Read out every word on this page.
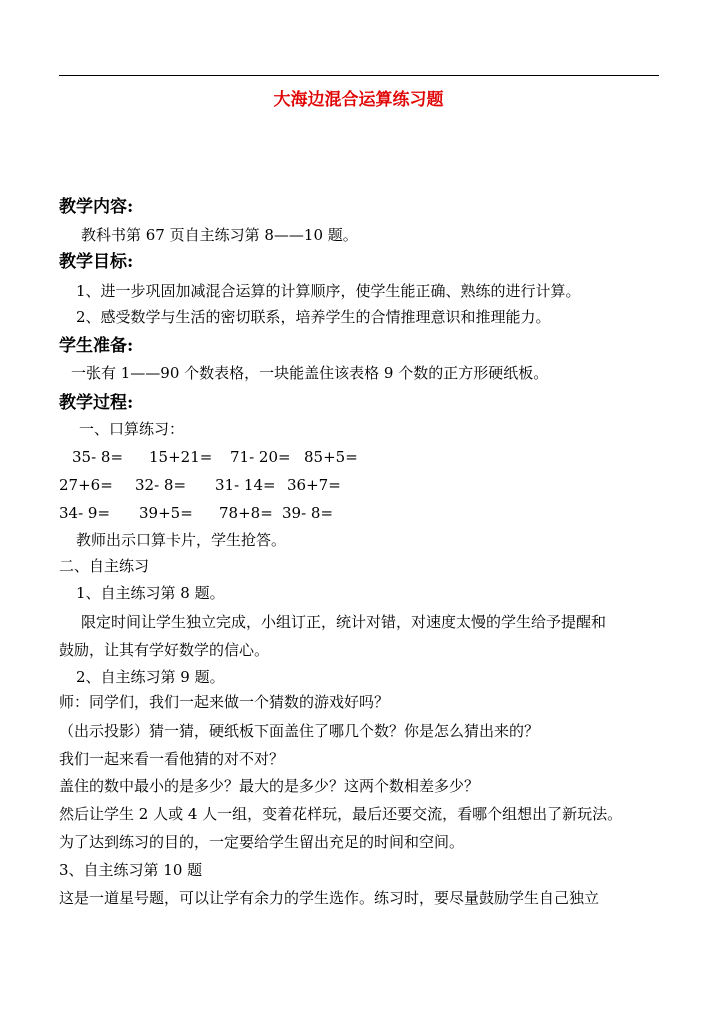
大海边混合运算练习题
教学内容:
教科书第 67 页自主练习第 8——10 题。
教学目标:
1、进一步巩固加减混合运算的计算顺序，使学生能正确、熟练的进行计算。
2、感受数学与生活的密切联系，培养学生的合情推理意识和推理能力。
学生准备:
一张有 1——90 个数表格，一块能盖住该表格 9 个数的正方形硬纸板。
教学过程:
一、口算练习：
35- 8= 15+21= 71- 20= 85+5=
27+6= 32- 8= 31- 14= 36+7=
34- 9= 39+5= 78+8= 39- 8=
教师出示口算卡片，学生抢答。
二、自主练习
1、自主练习第 8 题。
限定时间让学生独立完成，小组订正，统计对错，对速度太慢的学生给予提醒和
鼓励，让其有学好数学的信心。
2、自主练习第 9 题。
师：同学们，我们一起来做一个猜数的游戏好吗？
（出示投影）猜一猜，硬纸板下面盖住了哪几个数？你是怎么猜出来的？
我们一起来看一看他猜的对不对？
盖住的数中最小的是多少？最大的是多少？这两个数相差多少？
然后让学生 2 人或 4 人一组，变着花样玩，最后还要交流，看哪个组想出了新玩法。
为了达到练习的目的，一定要给学生留出充足的时间和空间。
3、自主练习第 10 题
这是一道星号题，可以让学有余力的学生选作。练习时，要尽量鼓励学生自己独立
